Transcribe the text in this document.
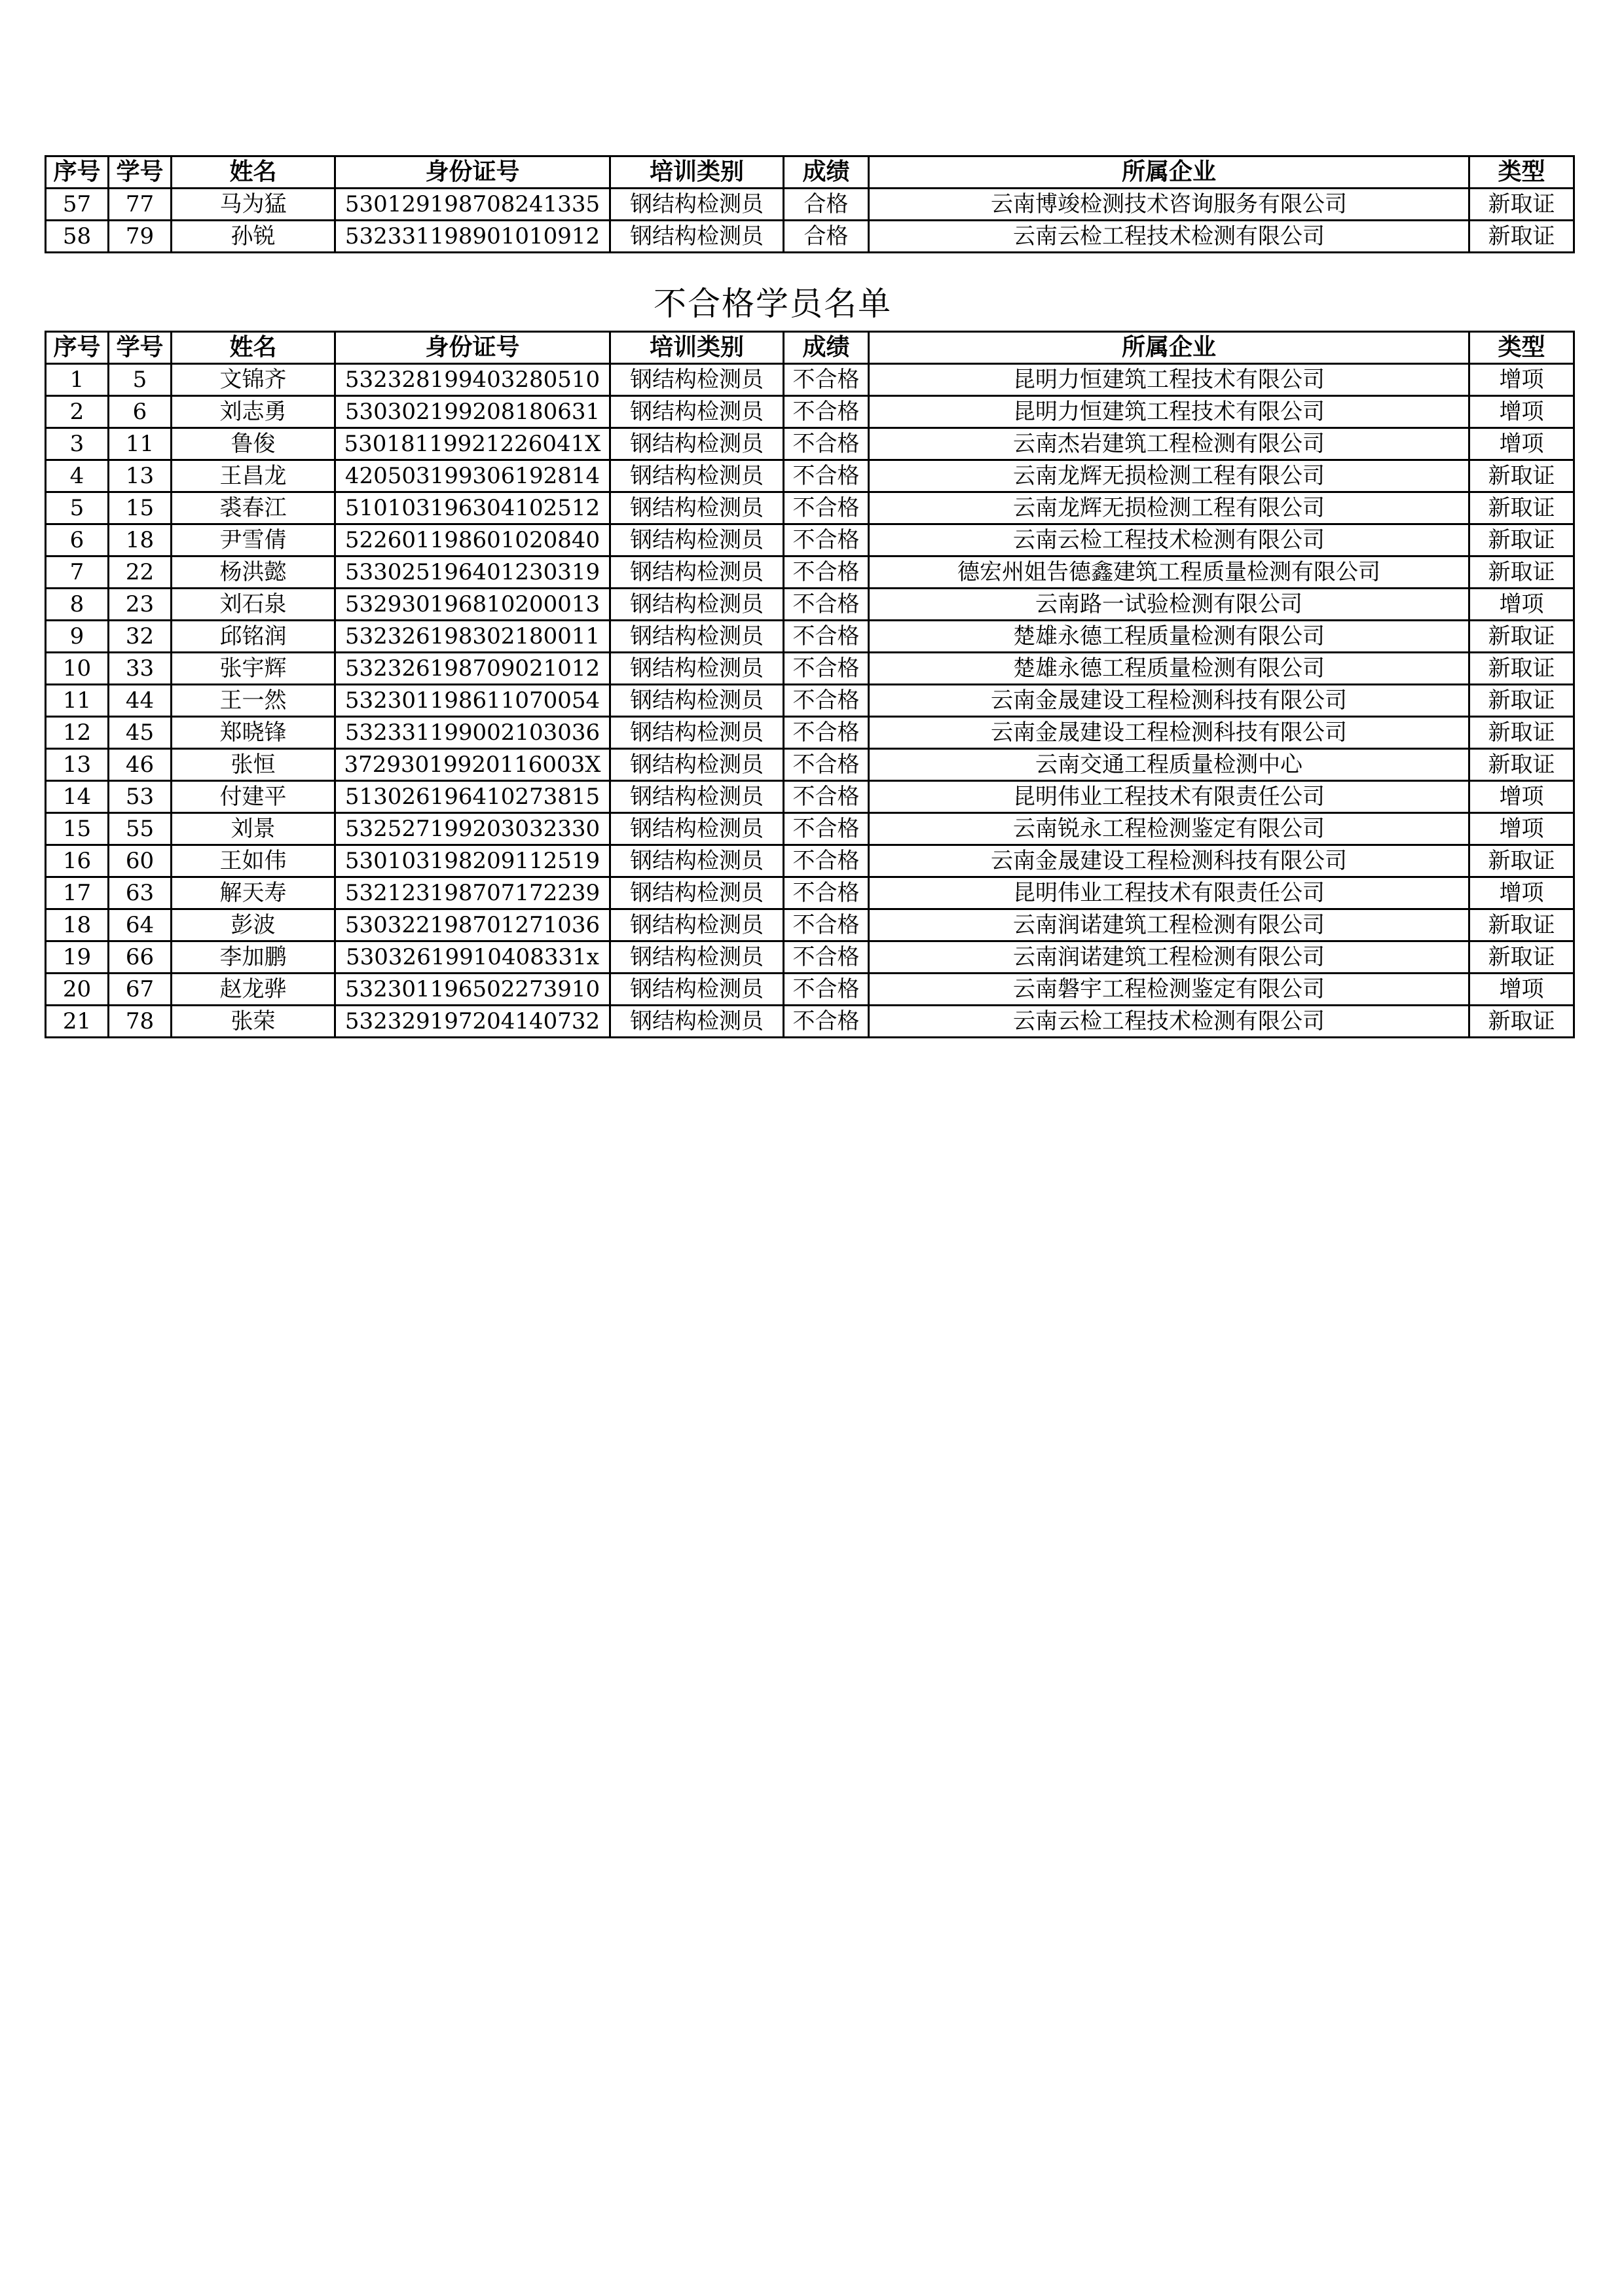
序号	学号	姓名	身份证号	培训类别	成绩	所属企业	类型
57	77	马为猛	530129198708241335	钢结构检测员	合格	云南博竣检测技术咨询服务有限公司	新取证
58	79	孙锐	532331198901010912	钢结构检测员	合格	云南云检工程技术检测有限公司	新取证
不合格学员名单
序号	学号	姓名	身份证号	培训类别	成绩	所属企业	类型
1	5	文锦齐	532328199403280510	钢结构检测员	不合格	昆明力恒建筑工程技术有限公司	增项
2	6	刘志勇	530302199208180631	钢结构检测员	不合格	昆明力恒建筑工程技术有限公司	增项
3	11	鲁俊	53018119921226041X	钢结构检测员	不合格	云南杰岩建筑工程检测有限公司	增项
4	13	王昌龙	420503199306192814	钢结构检测员	不合格	云南龙辉无损检测工程有限公司	新取证
5	15	裘春江	510103196304102512	钢结构检测员	不合格	云南龙辉无损检测工程有限公司	新取证
6	18	尹雪倩	522601198601020840	钢结构检测员	不合格	云南云检工程技术检测有限公司	新取证
7	22	杨洪懿	533025196401230319	钢结构检测员	不合格	德宏州姐告德鑫建筑工程质量检测有限公司	新取证
8	23	刘石泉	532930196810200013	钢结构检测员	不合格	云南路一试验检测有限公司	增项
9	32	邱铭润	532326198302180011	钢结构检测员	不合格	楚雄永德工程质量检测有限公司	新取证
10	33	张宇辉	532326198709021012	钢结构检测员	不合格	楚雄永德工程质量检测有限公司	新取证
11	44	王一然	532301198611070054	钢结构检测员	不合格	云南金晟建设工程检测科技有限公司	新取证
12	45	郑晓锋	532331199002103036	钢结构检测员	不合格	云南金晟建设工程检测科技有限公司	新取证
13	46	张恒	37293019920116003X	钢结构检测员	不合格	云南交通工程质量检测中心	新取证
14	53	付建平	513026196410273815	钢结构检测员	不合格	昆明伟业工程技术有限责任公司	增项
15	55	刘景	532527199203032330	钢结构检测员	不合格	云南锐永工程检测鉴定有限公司	增项
16	60	王如伟	530103198209112519	钢结构检测员	不合格	云南金晟建设工程检测科技有限公司	新取证
17	63	解天寿	532123198707172239	钢结构检测员	不合格	昆明伟业工程技术有限责任公司	增项
18	64	彭波	530322198701271036	钢结构检测员	不合格	云南润诺建筑工程检测有限公司	新取证
19	66	李加鹏	53032619910408331x	钢结构检测员	不合格	云南润诺建筑工程检测有限公司	新取证
20	67	赵龙骅	532301196502273910	钢结构检测员	不合格	云南磐宇工程检测鉴定有限公司	增项
21	78	张荣	532329197204140732	钢结构检测员	不合格	云南云检工程技术检测有限公司	新取证
